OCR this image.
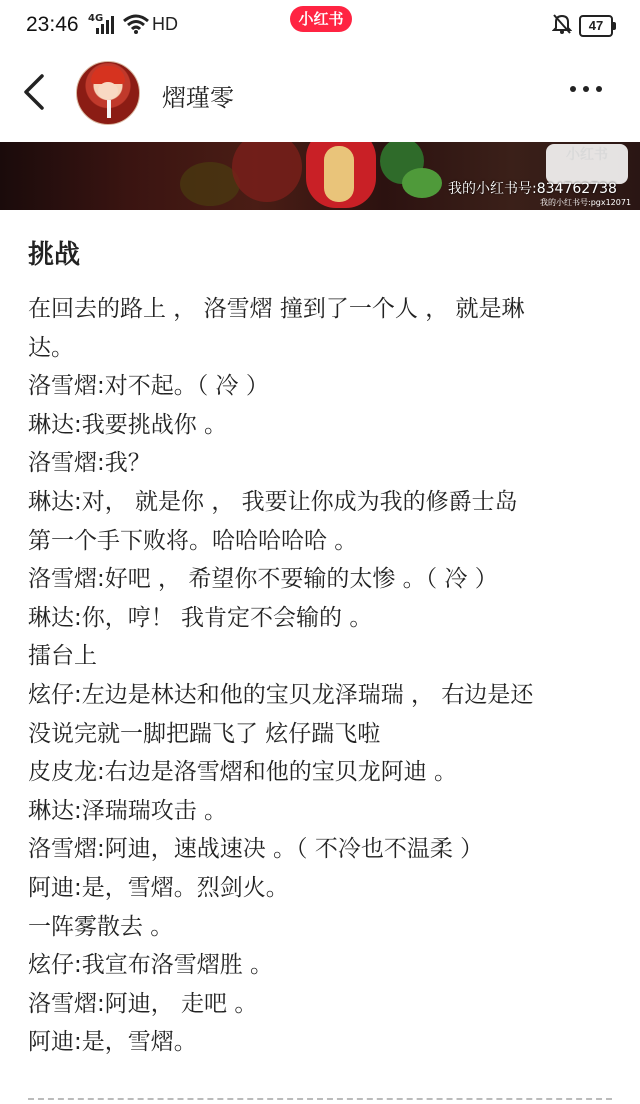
23:46 4G	HD	小红书	47
熠瑾零
小红书
我的小红书号:834762738
我的小红书号:pgx12071
挑战
在回去的路上 ， 洛雪熠 撞到了一个人 ， 就是琳
达。
洛雪熠:对不起。（ 冷 ）
琳达:我要挑战你 。
洛雪熠:我？
琳达:对， 就是你 ， 我要让你成为我的修爵士岛
第一个手下败将。哈哈哈哈哈 。
洛雪熠:好吧 ， 希望你不要输的太惨 。（ 冷 ）
琳达:你，哼！ 我肯定不会输的 。
擂台上
炫仔:左边是林达和他的宝贝龙泽瑞瑞 ， 右边是还
没说完就一脚把踹飞了 炫仔踹飞啦
皮皮龙:右边是洛雪熠和他的宝贝龙阿迪 。
琳达:泽瑞瑞攻击 。
洛雪熠:阿迪，速战速决 。（ 不冷也不温柔 ）
阿迪:是，雪熠。烈剑火。
一阵雾散去 。
炫仔:我宣布洛雪熠胜 。
洛雪熠:阿迪， 走吧 。
阿迪:是，雪熠。
